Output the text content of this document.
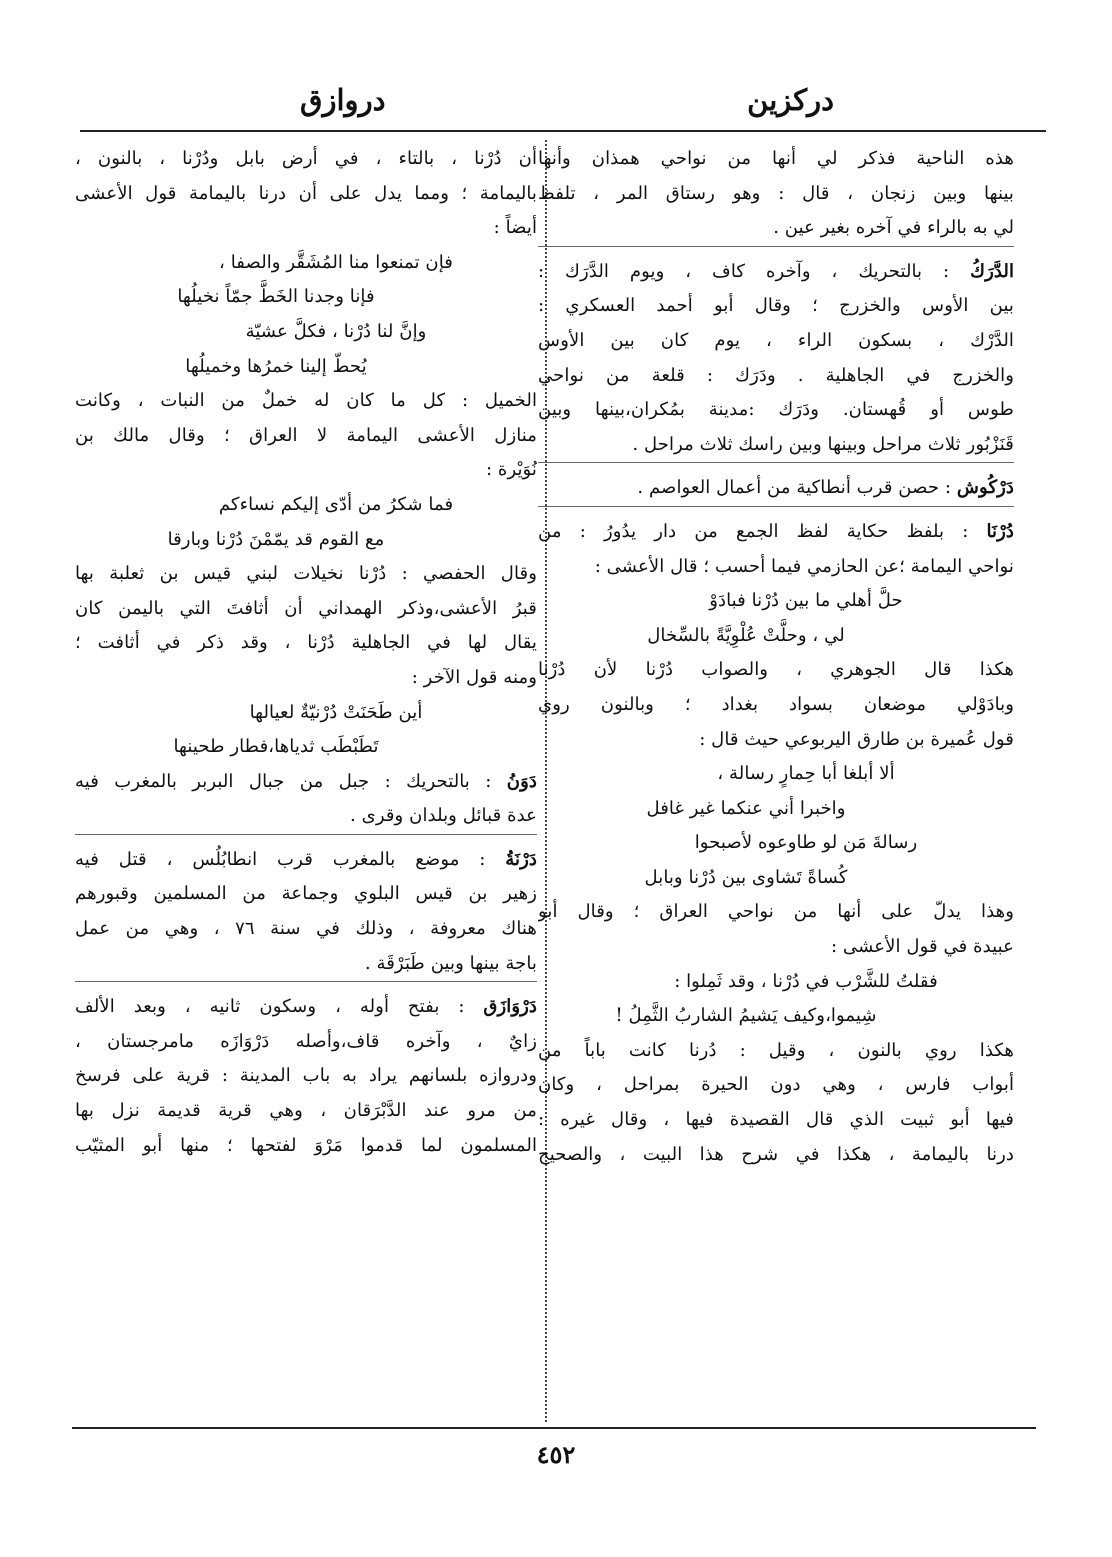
دركزين
دروازق
هذه الناحية فذكر لي أنها من نواحي همذان وأنها
بينها وبين زنجان ، قال : وهو رستاق المر ، تلفظ
لي به بالراء في آخره بغير عين .
الدَّرَكُ : بالتحريك ، وآخره كاف ، ويوم الدَّرَك :
بين الأوس والخزرج ؛ وقال أبو أحمد العسكري :
الدَّرْك ، بسكون الراء ، يوم كان بين الأوس
والخزرج في الجاهلية . ودَرَك : قلعة من نواحي
طوس أو قُهستان. ودَرَك :مدينة بمُكران،بينها وبين
قَنَزْبُور ثلاث مراحل وبينها وبين راسك ثلاث مراحل .
دَرْكُوش : حصن قرب أنطاكية من أعمال العواصم .
دُرْنَا : بلفظ حكاية لفظ الجمع من دار يدُورُ : من
نواحي اليمامة ؛عن الحازمي فيما أحسب ؛ قال الأعشى :
حلَّ أهلي ما بين دُرْنا فبادَوْ
لي ، وحلَّتْ عُلْوِيَّةً بالسِّخال
هكذا قال الجوهري ، والصواب دُرْنا لأن دُرْنا
وبادَوْلي موضعان بسواد بغداد ؛ وبالنون روي
قول عُميرة بن طارق اليربوعي حيث قال :
ألا أبلغا أبا حِمارٍ رسالة ،
واخبرا أني عنكما غير غافل
رسالةَ مَن لو طاوعوه لأصبحوا
كُساةً تَشاوى بين دُرْنا وبابل
وهذا يدلّ على أنها من نواحي العراق ؛ وقال أبو
عبيدة في قول الأعشى :
فقلتُ للشَّرْب في دُرْنا ، وقد ثَمِلوا :
شِيموا،وكيف يَشيمُ الشاربُ الثَّمِلُ !
هكذا روي بالنون ، وقيل : دُرنا كانت باباً من
أبواب فارس ، وهي دون الحيرة بمراحل ، وكان
فيها أبو ثبيت الذي قال القصيدة فيها ، وقال غيره :
درنا باليمامة ، هكذا في شرح هذا البيت ، والصحيح
أن دُرْنا ، بالتاء ، في أرض بابل ودُرْنا ، بالنون ،
باليمامة ؛ ومما يدل على أن درنا باليمامة قول الأعشى
أيضاً :
فإن تمنعوا منا المُشَقَّر والصفا ،
فإنا وجدنا الخَطَّ جمّاً نخيلُها
وإنَّ لنا دُرْنا ، فكلَّ عشيّة
يُحطّ إلينا خمرُها وخميلُها
الخميل : كل ما كان له خملٌ من النبات ، وكانت
منازل الأعشى اليمامة لا العراق ؛ وقال مالك بن
نُوَيْرة :
فما شكرُ من أدّى إليكم نساءكم
مع القوم قد يمّمْنَ دُرْنا وبارقا
وقال الحفصي : دُرْنا نخيلات لبني قيس بن ثعلبة بها
قبرُ الأعشى،وذكر الهمداني أن أثافتَ التي باليمن كان
يقال لها في الجاهلية دُرْنا ، وقد ذكر في أثافت ؛
ومنه قول الآخر :
أين طَحَنَتْ دُرْنيّةٌ لعيالها
تَطَبْطَب ثدياها،فطار طحينها
دَوَنُ : بالتحريك : جبل من جبال البربر بالمغرب فيه
عدة قبائل وبلدان وقرى .
دَرْنَةُ : موضع بالمغرب قرب انطابُلُس ، قتل فيه
زهير بن قيس البلوي وجماعة من المسلمين وقبورهم
هناك معروفة ، وذلك في سنة ٧٦ ، وهي من عمل
باجة بينها وبين طَبَرْقَة .
دَرْوَازَق : بفتح أوله ، وسكون ثانيه ، وبعد الألف
زايٌ ، وآخره قاف،وأصله دَرْوَازَه مامرجستان ،
ودروازه بلسانهم يراد به باب المدينة : قرية على فرسخ
من مرو عند الدَّبْرَقان ، وهي قرية قديمة نزل بها
المسلمون لما قدموا مَرْوَ لفتحها ؛ منها أبو المثيّب
٤٥٢
